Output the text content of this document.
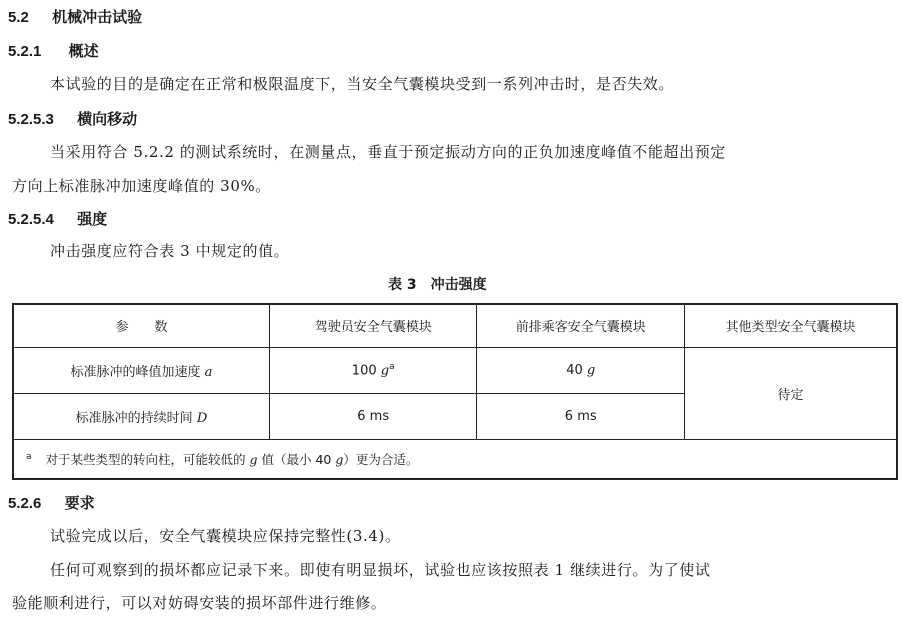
5.2 机械冲击试验
5.2.1 概述
本试验的目的是确定在正常和极限温度下，当安全气囊模块受到一系列冲击时，是否失效。
5.2.5.3 横向移动
当采用符合 5.2.2 的测试系统时，在测量点，垂直于预定振动方向的正负加速度峰值不能超出预定
方向上标准脉冲加速度峰值的 30%。
5.2.5.4 强度
冲击强度应符合表 3 中规定的值。
表 3　冲击强度
参　　数	驾驶员安全气囊模块	前排乘客安全气囊模块	其他类型安全气囊模块
标准脉冲的峰值加速度 a	100 $g^a$	40 g	待定
标准脉冲的持续时间 D	6 ms	6 ms	
$^a$ 对于某些类型的转向柱，可能较低的 g 值（最小 40 g）更为合适。			
5.2.6 要求
试验完成以后，安全气囊模块应保持完整性(3.4)。
任何可观察到的损坏都应记录下来。即使有明显损坏，试验也应该按照表 1 继续进行。为了使试
验能顺利进行，可以对妨碍安装的损坏部件进行维修。
